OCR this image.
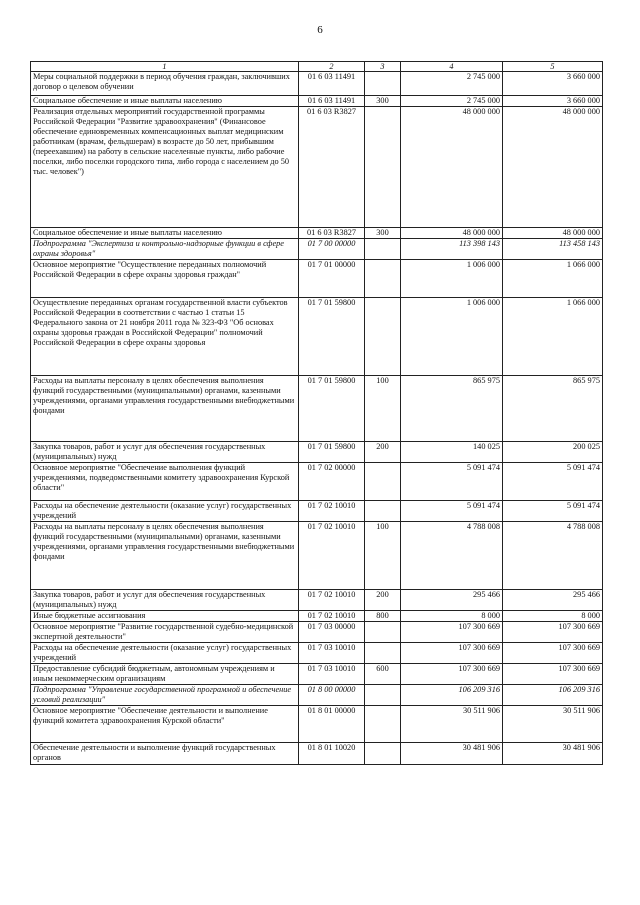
6
1	2	3	4	5
Меры социальной поддержки в период обучения граждан, заключивших договор о целевом обучении	01 6 03 11491		2 745 000	3 660 000
Социальное обеспечение и иные выплаты населению	01 6 03 11491	300	2 745 000	3 660 000
Реализация отдельных мероприятий государственной программы Российской Федерации "Развитие здравоохранения" (Финансовое обеспечение единовременных компенсационных выплат медицинским работникам (врачам, фельдшерам) в возрасте до 50 лет, прибывшим (переехавшим) на работу в сельские населенные пункты, либо рабочие поселки, либо поселки городского типа, либо города с населением до 50 тыс. человек")	01 6 03 R3827		48 000 000	48 000 000
Социальное обеспечение и иные выплаты населению	01 6 03 R3827	300	48 000 000	48 000 000
Подпрограмма "Экспертиза и контрольно-надзорные функции в сфере охраны здоровья"	01 7 00 00000		113 398 143	113 458 143
Основное мероприятие "Осуществление переданных полномочий Российской Федерации в сфере охраны здоровья граждан"	01 7 01 00000		1 006 000	1 066 000
Осуществление переданных органам государственной власти субъектов Российской Федерации в соответствии с частью 1 статьи 15 Федерального закона от 21 ноября 2011 года № 323-ФЗ "Об основах охраны здоровья граждан в Российской Федерации" полномочий Российской Федерации в сфере охраны здоровья	01 7 01 59800		1 006 000	1 066 000
Расходы на выплаты персоналу в целях обеспечения выполнения функций государственными (муниципальными) органами, казенными учреждениями, органами управления государственными внебюджетными фондами	01 7 01 59800	100	865 975	865 975
Закупка товаров, работ и услуг для обеспечения государственных (муниципальных) нужд	01 7 01 59800	200	140 025	200 025
Основное мероприятие "Обеспечение выполнения функций учреждениями, подведомственными комитету здравоохранения Курской области"	01 7 02 00000		5 091 474	5 091 474
Расходы на обеспечение деятельности (оказание услуг) государственных учреждений	01 7 02 10010		5 091 474	5 091 474
Расходы на выплаты персоналу в целях обеспечения выполнения функций государственными (муниципальными) органами, казенными учреждениями, органами управления государственными внебюджетными фондами	01 7 02 10010	100	4 788 008	4 788 008
Закупка товаров, работ и услуг для обеспечения государственных (муниципальных) нужд	01 7 02 10010	200	295 466	295 466
Иные бюджетные ассигнования	01 7 02 10010	800	8 000	8 000
Основное мероприятие "Развитие государственной судебно-медицинской экспертной деятельности"	01 7 03 00000		107 300 669	107 300 669
Расходы на обеспечение деятельности (оказание услуг) государственных учреждений	01 7 03 10010		107 300 669	107 300 669
Предоставление субсидий бюджетным, автономным учреждениям и иным некоммерческим организациям	01 7 03 10010	600	107 300 669	107 300 669
Подпрограмма "Управление государственной программой и обеспечение условий реализации"	01 8 00 00000		106 209 316	106 209 316
Основное мероприятие "Обеспечение деятельности и выполнение функций комитета здравоохранения Курской области"	01 8 01 00000		30 511 906	30 511 906
Обеспечение деятельности и выполнение функций государственных органов	01 8 01 10020		30 481 906	30 481 906
